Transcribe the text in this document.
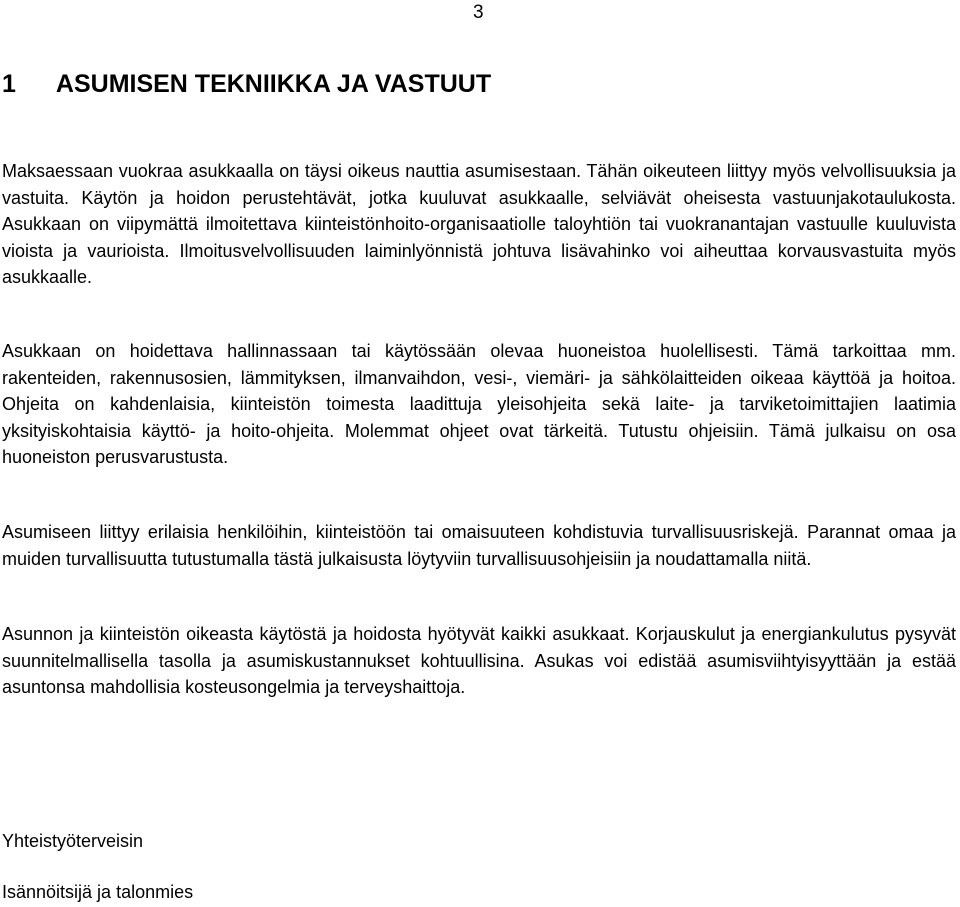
3
1 ASUMISEN TEKNIIKKA JA VASTUUT

Maksaessaan vuokraa asukkaalla on täysi oikeus nauttia asumisestaan. Tähän oikeuteen liittyy myös velvollisuuksia ja vastuita. Käytön ja hoidon perustehtävät, jotka kuuluvat asukkaalle, selviävät oheisesta vastuunjakotaulukosta. Asukkaan on viipymättä ilmoitettava kiinteistönhoito-organisaatiolle taloyhtiön tai vuokranantajan vastuulle kuuluvista vioista ja vaurioista. Ilmoitusvelvollisuuden laiminlyönnistä johtuva lisävahinko voi aiheuttaa korvausvastuita myös asukkaalle.

Asukkaan on hoidettava hallinnassaan tai käytössään olevaa huoneistoa huolellisesti. Tämä tarkoittaa mm. rakenteiden, rakennusosien, lämmityksen, ilmanvaihdon, vesi-, viemäri- ja sähkölaitteiden oikeaa käyttöä ja hoitoa. Ohjeita on kahdenlaisia, kiinteistön toimesta laadittuja yleisohjeita sekä laite- ja tarviketoimittajien laatimia yksityiskohtaisia käyttö- ja hoito-ohjeita. Molemmat ohjeet ovat tärkeitä. Tutustu ohjeisiin. Tämä julkaisu on osa huoneiston perusvarustusta.

Asumiseen liittyy erilaisia henkilöihin, kiinteistöön tai omaisuuteen kohdistuvia turvallisuusriskejä. Parannat omaa ja muiden turvallisuutta tutustumalla tästä julkaisusta löytyviin turvallisuusohjeisiin ja noudattamalla niitä.

Asunnon ja kiinteistön oikeasta käytöstä ja hoidosta hyötyvät kaikki asukkaat. Korjauskulut ja energiankulutus pysyvät suunnitelmallisella tasolla ja asumiskustannukset kohtuullisina. Asukas voi edistää asumisviihtyisyyttään ja estää asuntonsa mahdollisia kosteusongelmia ja terveyshaittoja.

Yhteistyöterveisin

Isännöitsijä ja talonmies
